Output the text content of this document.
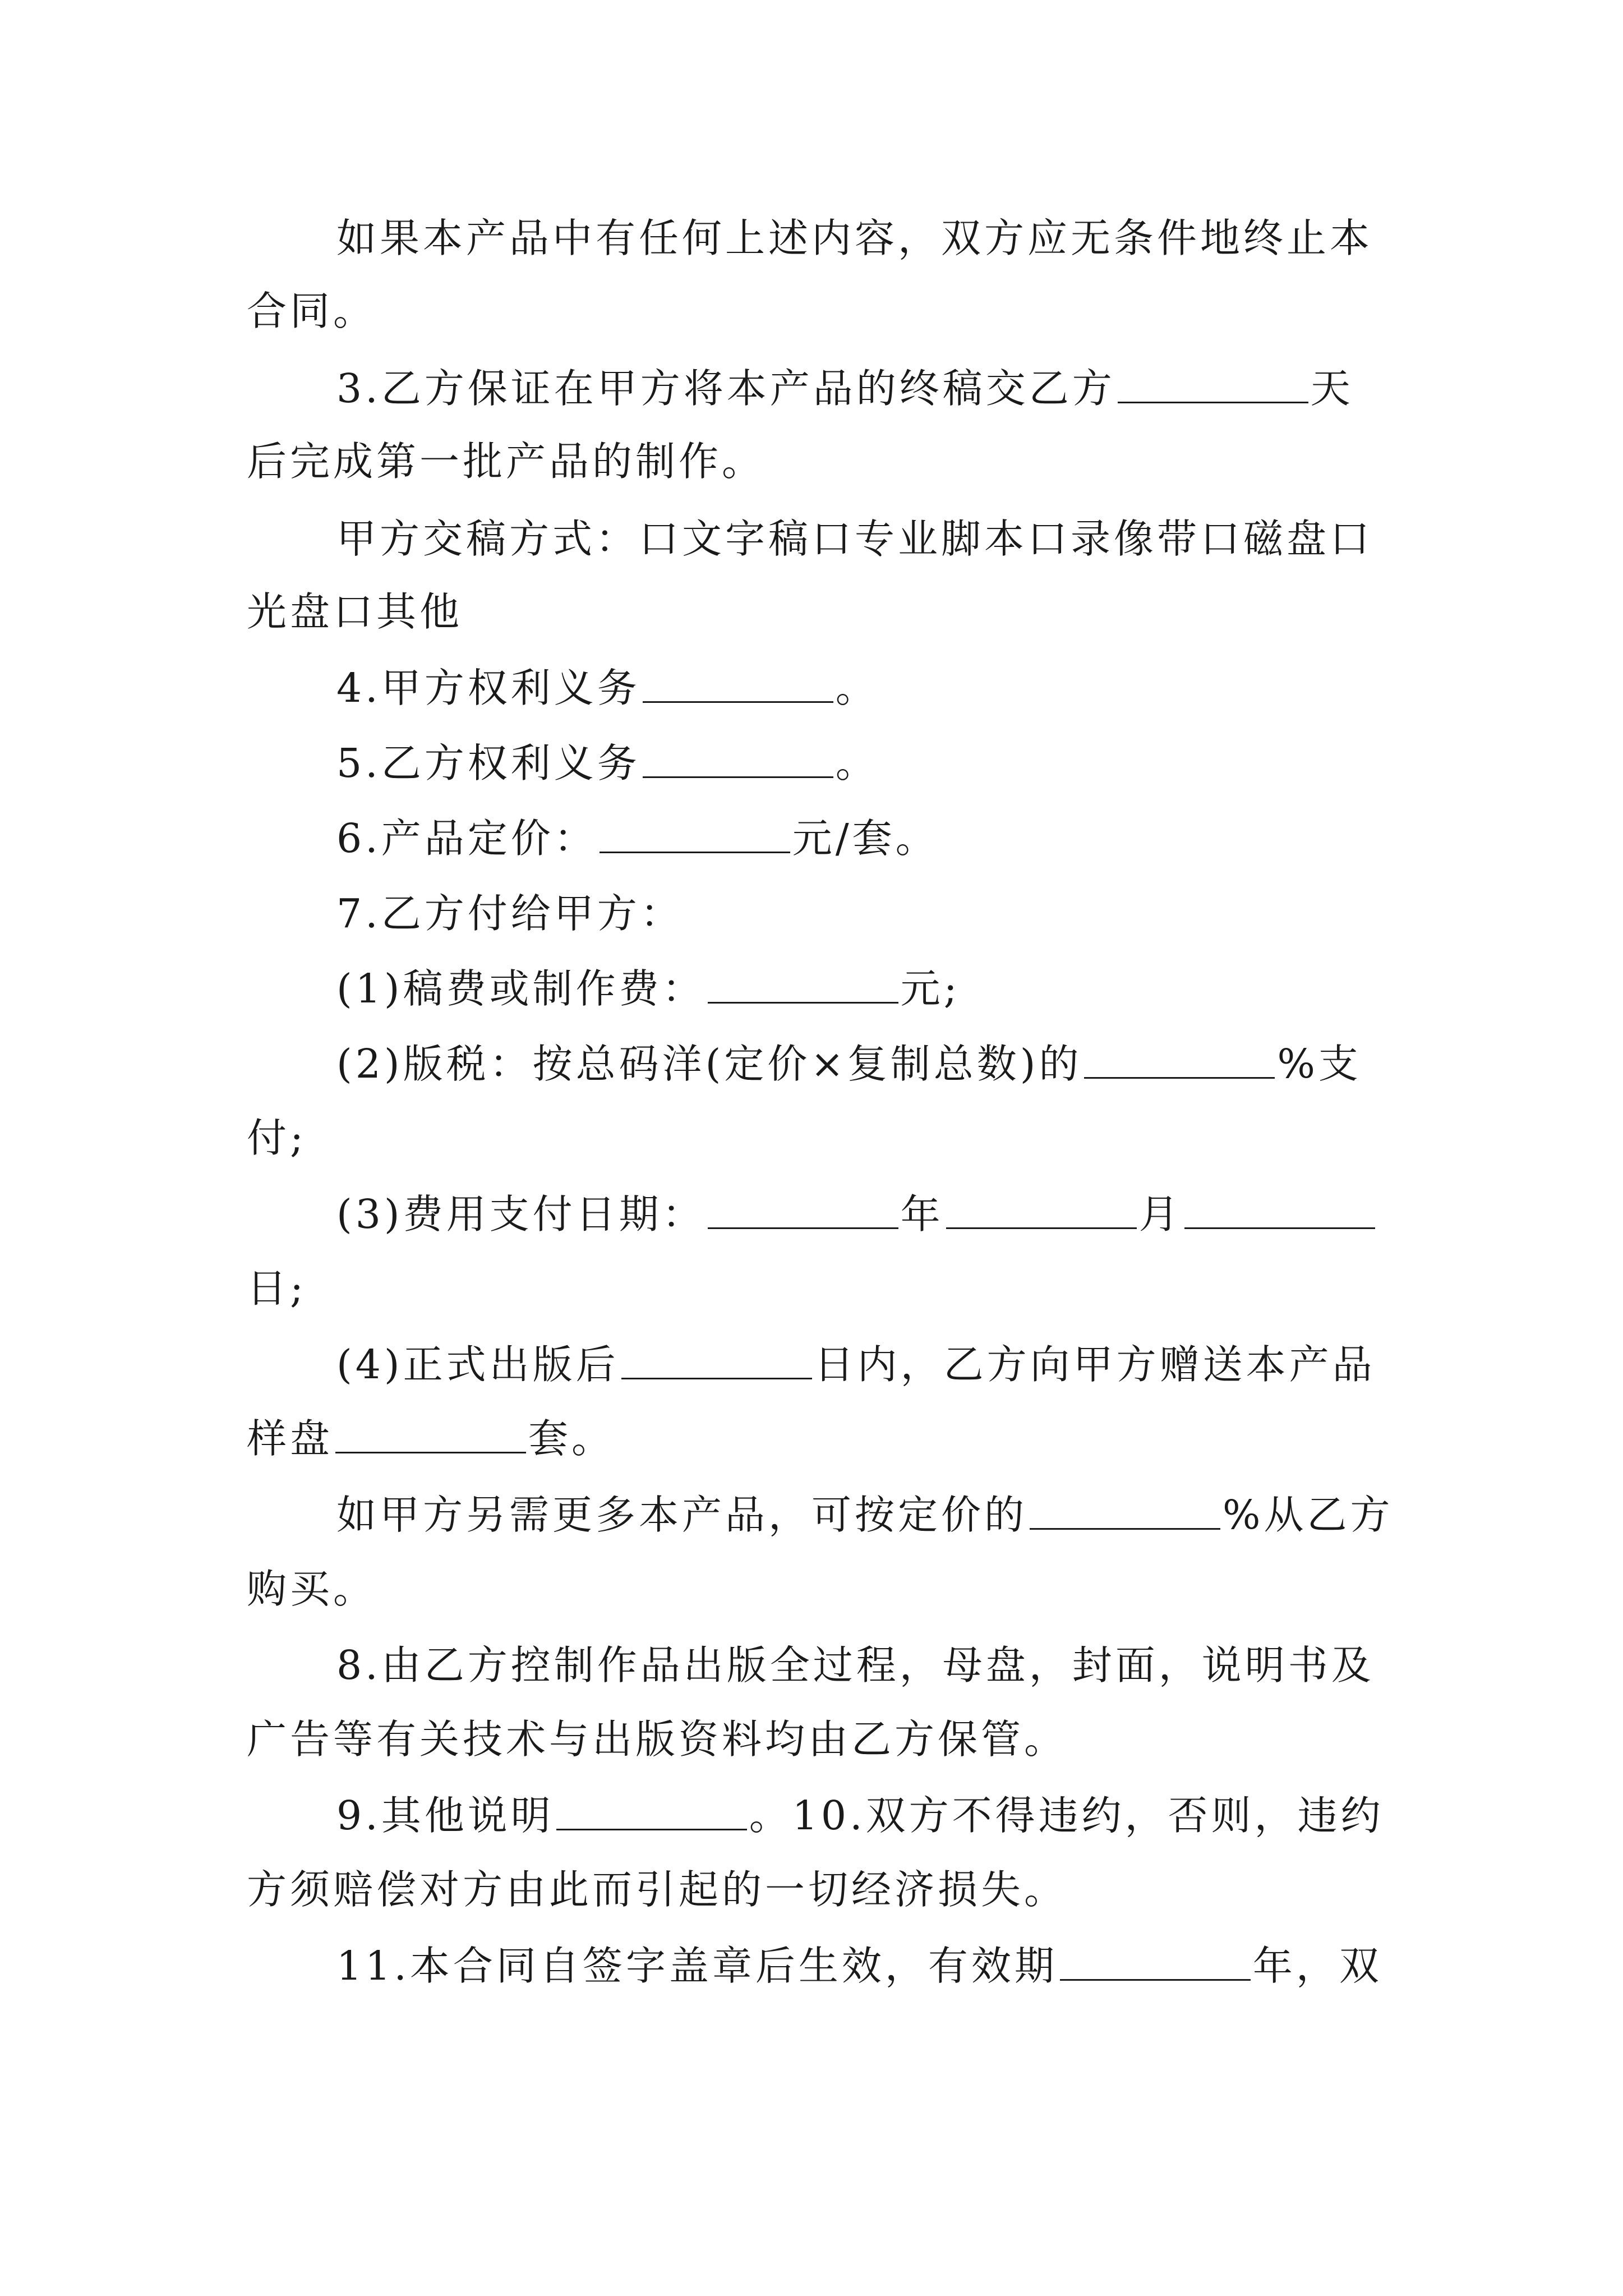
如果本产品中有任何上述内容，双方应无条件地终止本
合同。
3.乙方保证在甲方将本产品的终稿交乙方	天
后完成第一批产品的制作。
甲方交稿方式：口文字稿口专业脚本口录像带口磁盘口
光盘口其他
4.甲方权利义务	。
5.乙方权利义务	。
6.产品定价：	元/套。
7.乙方付给甲方：
(1)稿费或制作费：	元;
(2)版税：按总码洋(定价×复制总数)的	%支
付;
(3)费用支付日期：	年	月
日;
(4)正式出版后	日内，乙方向甲方赠送本产品
样盘	套。
如甲方另需更多本产品，可按定价的	%从乙方
购买。
8.由乙方控制作品出版全过程，母盘，封面，说明书及
广告等有关技术与出版资料均由乙方保管。
9.其他说明	。10.双方不得违约，否则，违约
方须赔偿对方由此而引起的一切经济损失。
11.本合同自签字盖章后生效，有效期	年，双
